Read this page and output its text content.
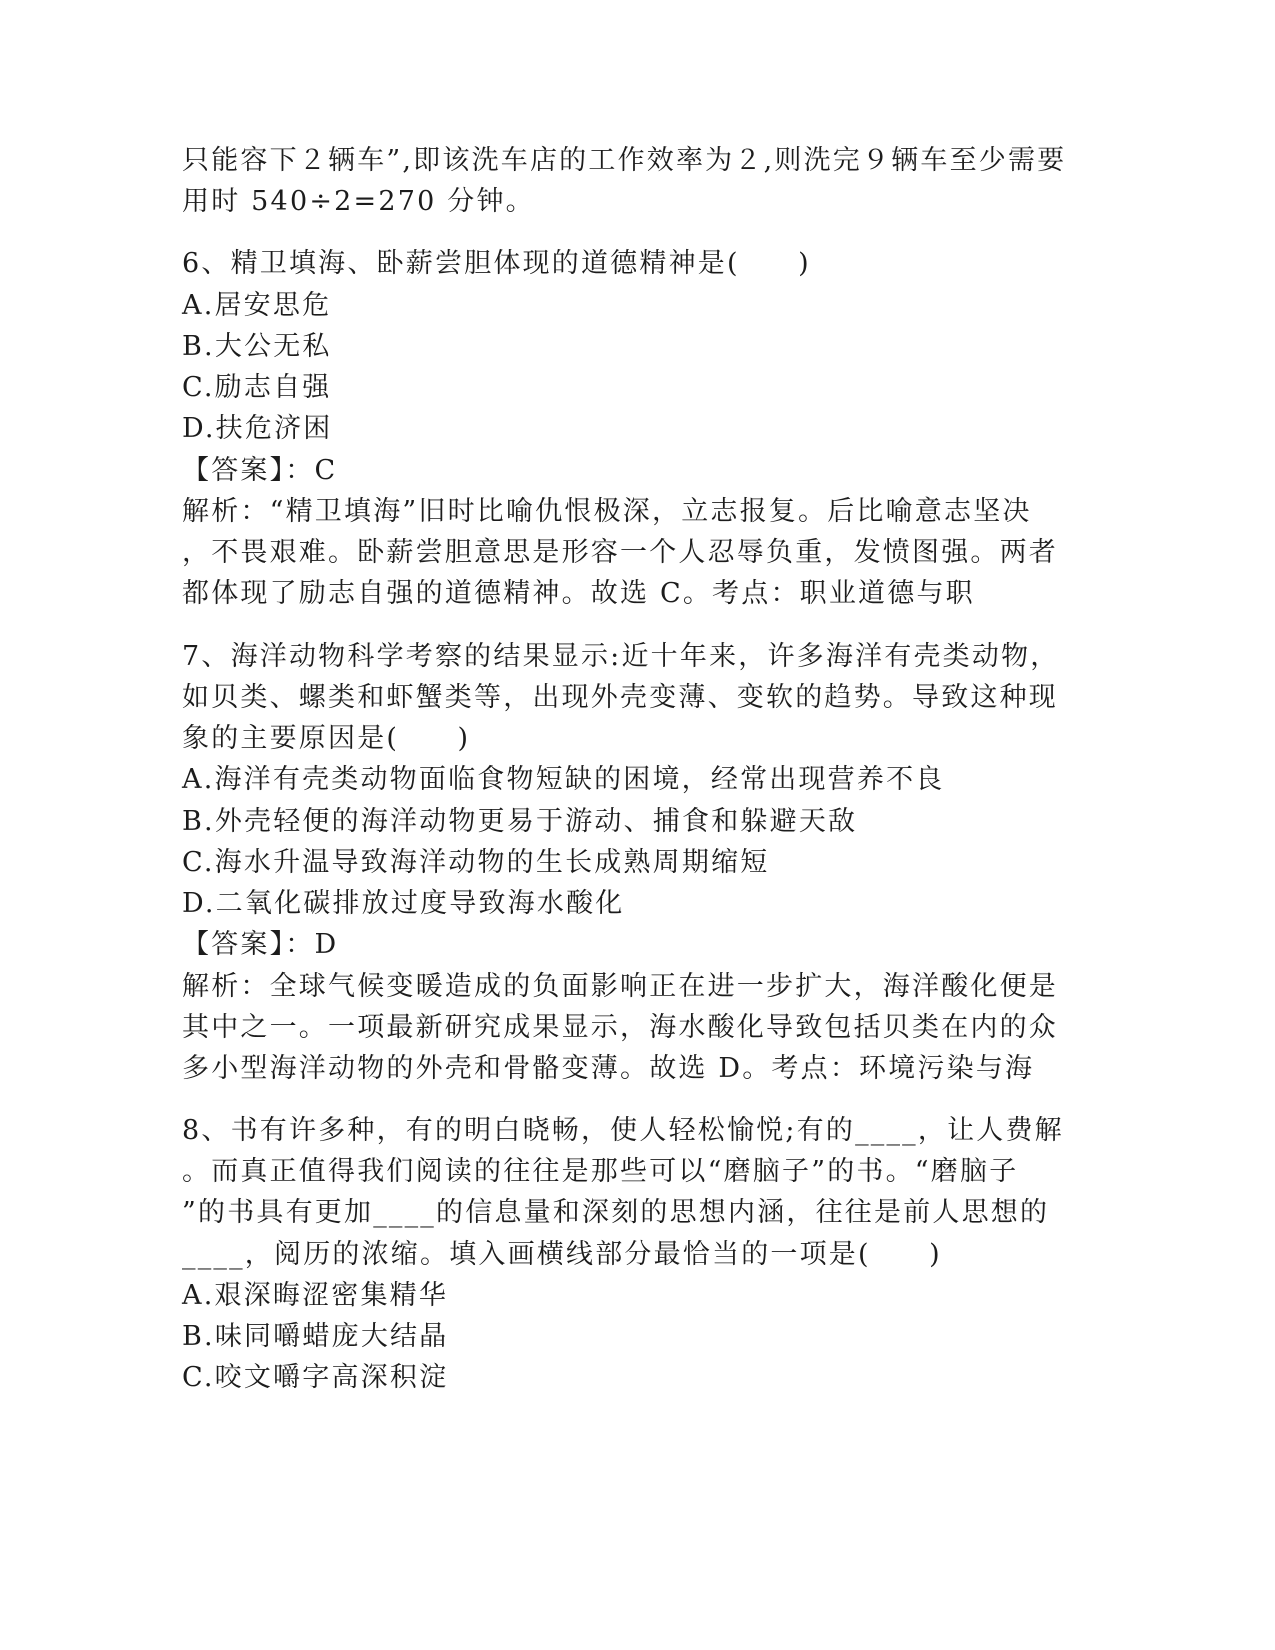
只能容下２辆车”,即该洗车店的工作效率为２,则洗完９辆车至少需要
用时 540÷2=270 分钟。
6、精卫填海、卧薪尝胆体现的道德精神是(　　)
A.居安思危
B.大公无私
C.励志自强
D.扶危济困
【答案】：C
解析：“精卫填海”旧时比喻仇恨极深，立志报复。后比喻意志坚决
，不畏艰难。卧薪尝胆意思是形容一个人忍辱负重，发愤图强。两者
都体现了励志自强的道德精神。故选 C。考点：职业道德与职
7、海洋动物科学考察的结果显示:近十年来，许多海洋有壳类动物，
如贝类、螺类和虾蟹类等，出现外壳变薄、变软的趋势。导致这种现
象的主要原因是(　　)
A.海洋有壳类动物面临食物短缺的困境，经常出现营养不良
B.外壳轻便的海洋动物更易于游动、捕食和躲避天敌
C.海水升温导致海洋动物的生长成熟周期缩短
D.二氧化碳排放过度导致海水酸化
【答案】：D
解析：全球气候变暖造成的负面影响正在进一步扩大，海洋酸化便是
其中之一。一项最新研究成果显示，海水酸化导致包括贝类在内的众
多小型海洋动物的外壳和骨骼变薄。故选 D。考点：环境污染与海
8、书有许多种，有的明白晓畅，使人轻松愉悦;有的____，让人费解
。而真正值得我们阅读的往往是那些可以“磨脑子”的书。“磨脑子
”的书具有更加____的信息量和深刻的思想内涵，往往是前人思想的
____，阅历的浓缩。填入画横线部分最恰当的一项是(　　)
A.艰深晦涩密集精华
B.味同嚼蜡庞大结晶
C.咬文嚼字高深积淀
